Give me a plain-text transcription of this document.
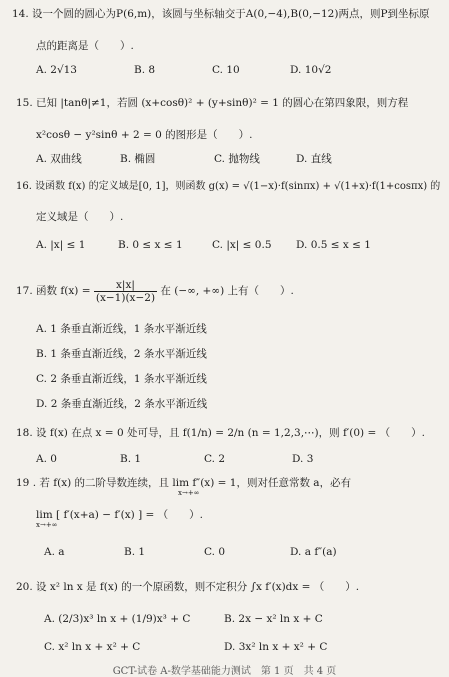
14. 设一个圆的圆心为P(6,m)，该圆与坐标轴交于A(0,−4),B(0,−12)两点，则P到坐标原
点的距离是（　　）.
A. 2√13	B. 8	C. 10	D. 10√2
15. 已知 |tanθ|≠1，若圆 (x+cosθ)² + (y+sinθ)² = 1 的圆心在第四象限，则方程
x²cosθ − y²sinθ + 2 = 0 的图形是（　　）.
A. 双曲线	B. 椭圆	C. 抛物线	D. 直线
16. 设函数 f(x) 的定义域是[0, 1]，则函数 g(x) = √(1−x)·f(sinπx) + √(1+x)·f(1+cosπx) 的
定义域是（　　）.
A. |x| ≤ 1	B. 0 ≤ x ≤ 1	C. |x| ≤ 0.5 D. 0.5 ≤ x ≤ 1
17. 函数 $f(x) = \frac{x|x|}{(x-1)(x-2)}$ 在 (−∞, +∞) 上有（　　）.
A. 1 条垂直渐近线，1 条水平渐近线
B. 1 条垂直渐近线，2 条水平渐近线
C. 2 条垂直渐近线，1 条水平渐近线
D. 2 条垂直渐近线，2 条水平渐近线
18. 设 f(x) 在点 x = 0 处可导，且 f(1/n) = 2/n (n = 1,2,3,⋯)，则 f′(0) = （　　）.
A. 0	B. 1	C. 2	D. 3
19 . 若 f(x) 的二阶导数连续，且 lim f″(x) = 1，则对任意常数 a，必有
x→+∞
lim [ f′(x+a) − f′(x) ] = （　　）.
x→+∞
A. a	B. 1	C. 0	D. a f″(a)
20. 设 x² ln x 是 f(x) 的一个原函数，则不定积分 ∫x f′(x)dx = （　　）.
A. (2/3)x³ ln x + (1/9)x³ + C	B. 2x − x² ln x + C
C. x² ln x + x² + C	D. 3x² ln x + x² + C
GCT-试卷 A-数学基础能力测试　第 1 页　共 4 页
